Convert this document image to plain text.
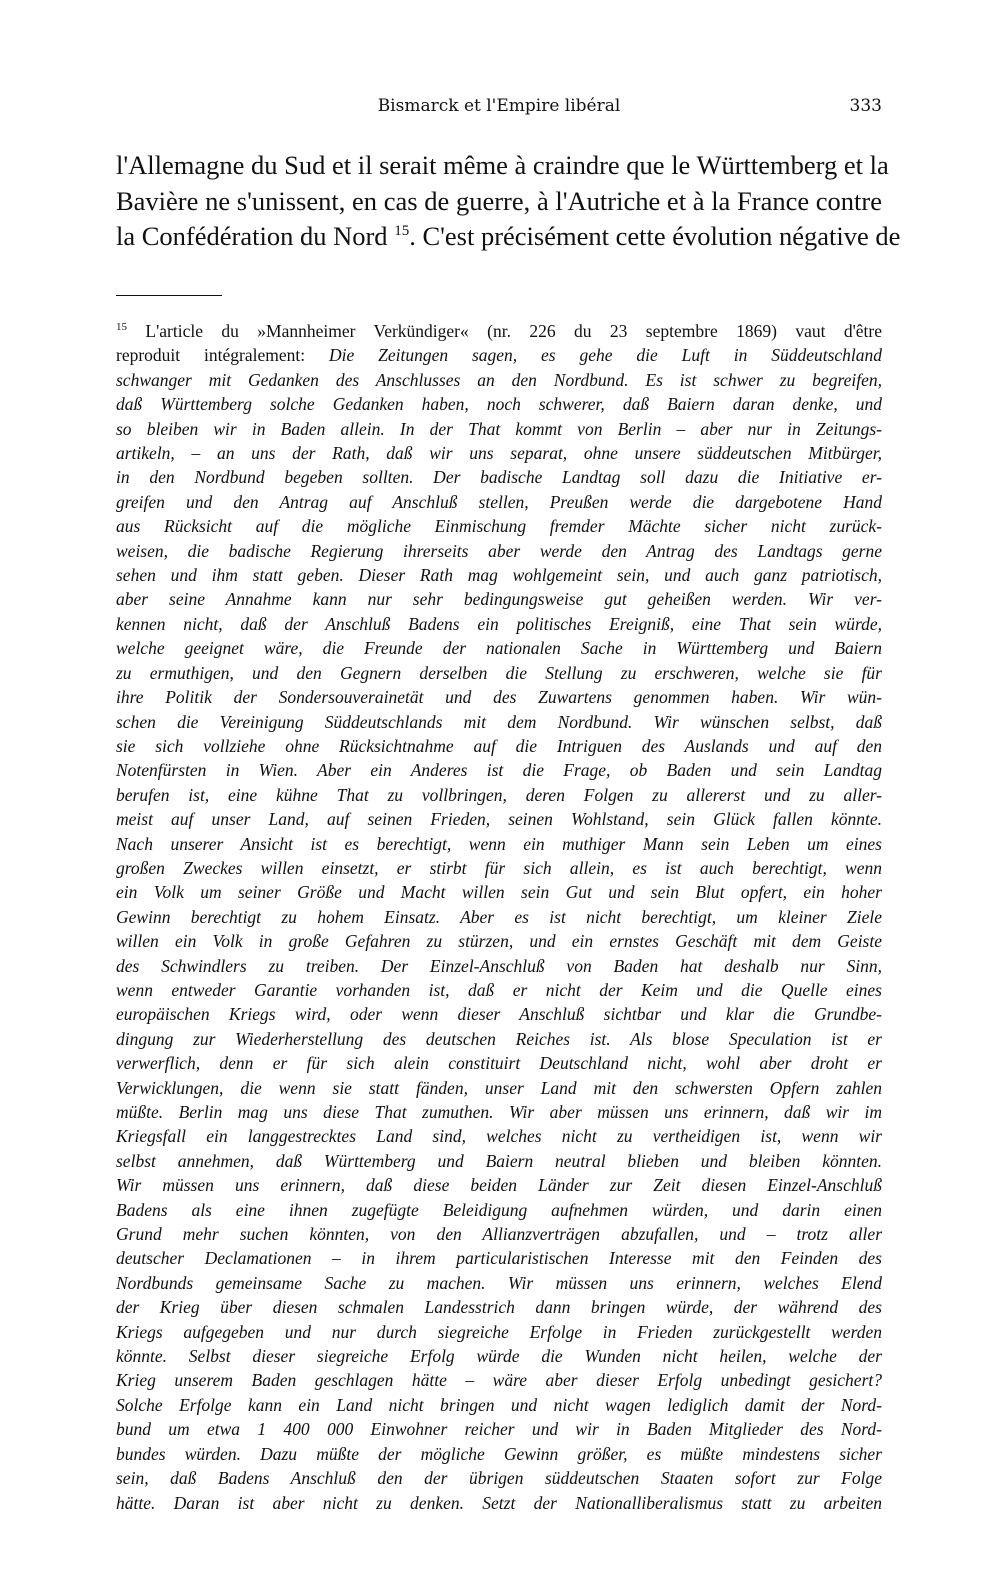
Bismarck et l'Empire libéral	333
l'Allemagne du Sud et il serait même à craindre que le Württemberg et la
Bavière ne s'unissent, en cas de guerre, à l'Autriche et à la France contre
la Confédération du Nord $^{15}$. C'est précisément cette évolution négative de
$^{15}$ L'article du »Mannheimer Verkündiger« (nr. 226 du 23 septembre 1869) vaut d'être
reproduit intégralement: Die Zeitungen sagen, es gehe die Luft in Süddeutschland
schwanger mit Gedanken des Anschlusses an den Nordbund. Es ist schwer zu begreifen,
daß Württemberg solche Gedanken haben, noch schwerer, daß Baiern daran denke, und
so bleiben wir in Baden allein. In der That kommt von Berlin – aber nur in Zeitungs-
artikeln, – an uns der Rath, daß wir uns separat, ohne unsere süddeutschen Mitbürger,
in den Nordbund begeben sollten. Der badische Landtag soll dazu die Initiative er-
greifen und den Antrag auf Anschluß stellen, Preußen werde die dargebotene Hand
aus Rücksicht auf die mögliche Einmischung fremder Mächte sicher nicht zurück-
weisen, die badische Regierung ihrerseits aber werde den Antrag des Landtags gerne
sehen und ihm statt geben. Dieser Rath mag wohlgemeint sein, und auch ganz patriotisch,
aber seine Annahme kann nur sehr bedingungsweise gut geheißen werden. Wir ver-
kennen nicht, daß der Anschluß Badens ein politisches Ereigniß, eine That sein würde,
welche geeignet wäre, die Freunde der nationalen Sache in Württemberg und Baiern
zu ermuthigen, und den Gegnern derselben die Stellung zu erschweren, welche sie für
ihre Politik der Sondersouverainetät und des Zuwartens genommen haben. Wir wün-
schen die Vereinigung Süddeutschlands mit dem Nordbund. Wir wünschen selbst, daß
sie sich vollziehe ohne Rücksichtnahme auf die Intriguen des Auslands und auf den
Notenfürsten in Wien. Aber ein Anderes ist die Frage, ob Baden und sein Landtag
berufen ist, eine kühne That zu vollbringen, deren Folgen zu allererst und zu aller-
meist auf unser Land, auf seinen Frieden, seinen Wohlstand, sein Glück fallen könnte.
Nach unserer Ansicht ist es berechtigt, wenn ein muthiger Mann sein Leben um eines
großen Zweckes willen einsetzt, er stirbt für sich allein, es ist auch berechtigt, wenn
ein Volk um seiner Größe und Macht willen sein Gut und sein Blut opfert, ein hoher
Gewinn berechtigt zu hohem Einsatz. Aber es ist nicht berechtigt, um kleiner Ziele
willen ein Volk in große Gefahren zu stürzen, und ein ernstes Geschäft mit dem Geiste
des Schwindlers zu treiben. Der Einzel-Anschluß von Baden hat deshalb nur Sinn,
wenn entweder Garantie vorhanden ist, daß er nicht der Keim und die Quelle eines
europäischen Kriegs wird, oder wenn dieser Anschluß sichtbar und klar die Grundbe-
dingung zur Wiederherstellung des deutschen Reiches ist. Als blose Speculation ist er
verwerflich, denn er für sich alein constituirt Deutschland nicht, wohl aber droht er
Verwicklungen, die wenn sie statt fänden, unser Land mit den schwersten Opfern zahlen
müßte. Berlin mag uns diese That zumuthen. Wir aber müssen uns erinnern, daß wir im
Kriegsfall ein langgestrecktes Land sind, welches nicht zu vertheidigen ist, wenn wir
selbst annehmen, daß Württemberg und Baiern neutral blieben und bleiben könnten.
Wir müssen uns erinnern, daß diese beiden Länder zur Zeit diesen Einzel-Anschluß
Badens als eine ihnen zugefügte Beleidigung aufnehmen würden, und darin einen
Grund mehr suchen könnten, von den Allianzverträgen abzufallen, und – trotz aller
deutscher Declamationen – in ihrem particularistischen Interesse mit den Feinden des
Nordbunds gemeinsame Sache zu machen. Wir müssen uns erinnern, welches Elend
der Krieg über diesen schmalen Landesstrich dann bringen würde, der während des
Kriegs aufgegeben und nur durch siegreiche Erfolge in Frieden zurückgestellt werden
könnte. Selbst dieser siegreiche Erfolg würde die Wunden nicht heilen, welche der
Krieg unserem Baden geschlagen hätte – wäre aber dieser Erfolg unbedingt gesichert?
Solche Erfolge kann ein Land nicht bringen und nicht wagen lediglich damit der Nord-
bund um etwa 1 400 000 Einwohner reicher und wir in Baden Mitglieder des Nord-
bundes würden. Dazu müßte der mögliche Gewinn größer, es müßte mindestens sicher
sein, daß Badens Anschluß den der übrigen süddeutschen Staaten sofort zur Folge
hätte. Daran ist aber nicht zu denken. Setzt der Nationalliberalismus statt zu arbeiten
